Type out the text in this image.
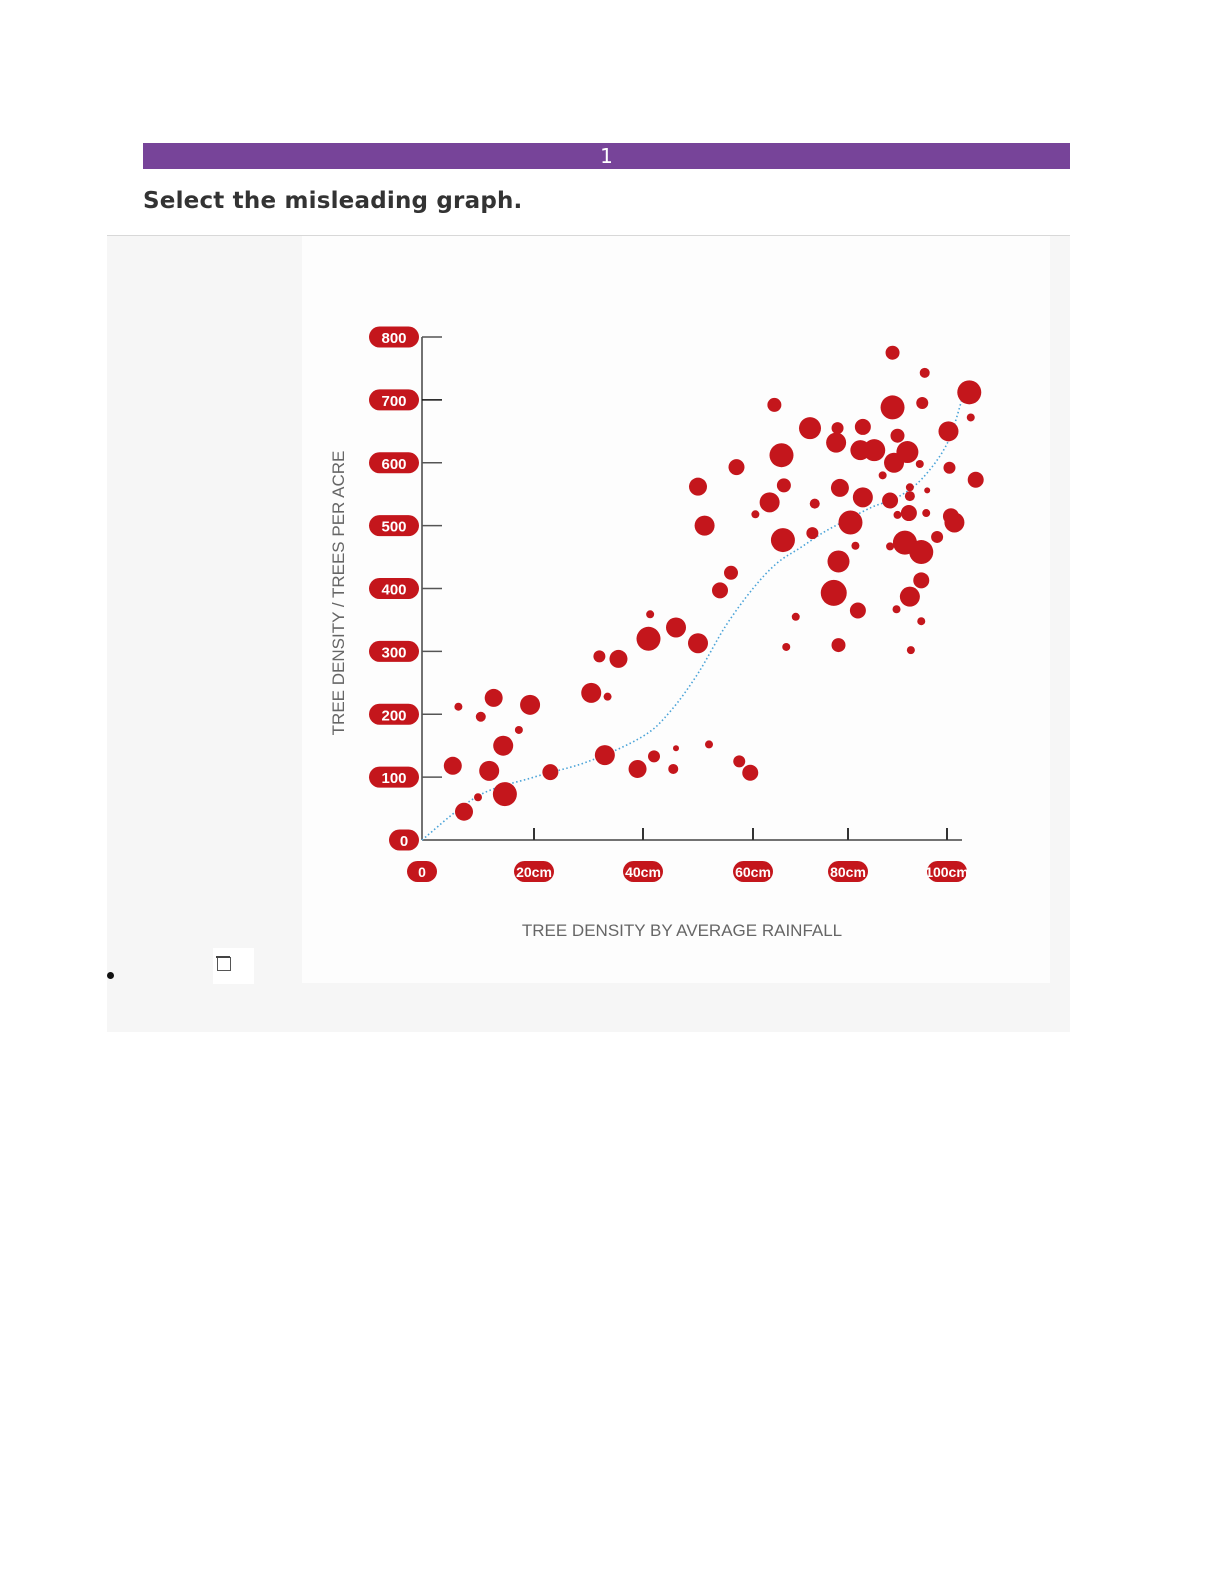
1
Select the misleading graph.
0
100
200
300
400
500
600
700
800
0	20cm	40cm	60cm	80cm	100cm
TREE DENSITY / TREES PER ACRE
TREE DENSITY BY AVERAGE RAINFALL
